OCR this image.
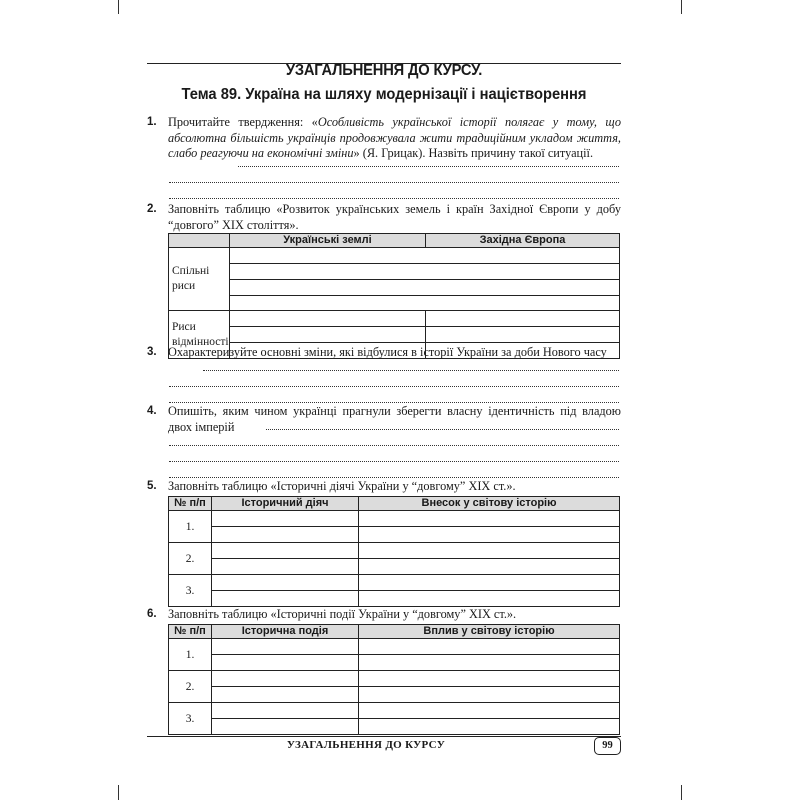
УЗАГАЛЬНЕННЯ ДО КУРСУ.
Тема 89. Україна на шляху модернізації і націєтворення
1. Прочитайте твердження: «Особливість української історії полягає у тому, що абсолютна більшість українців продовжувала жити традиційним укладом життя, слабо реагуючи на економічні зміни» (Я. Грицак). Назвіть причину такої ситуації.
2. Заповніть таблицю «Розвиток українських земель і країн Західної Європи у добу “довгого” XIX століття».
	Українські землі	Західна Європа
Спільні риси		

Риси відмінності	

3. Охарактеризуйте основні зміни, які відбулися в історії України за доби Нового часу
4. Опишіть, яким чином українці прагнули зберегти власну ідентичність під владою двох імперій
5. Заповніть таблицю «Історичні діячі України у “довгому” XIX ст.».
№ п/п	Історичний діяч	Внесок у світову історію
1.	

2.	

3.	

6. Заповніть таблицю «Історичні події України у “довгому” XIX ст.».
№ п/п	Історична подія	Вплив у світову історію
1.	

2.	

3.	

УЗАГАЛЬНЕННЯ ДО КУРСУ	99
